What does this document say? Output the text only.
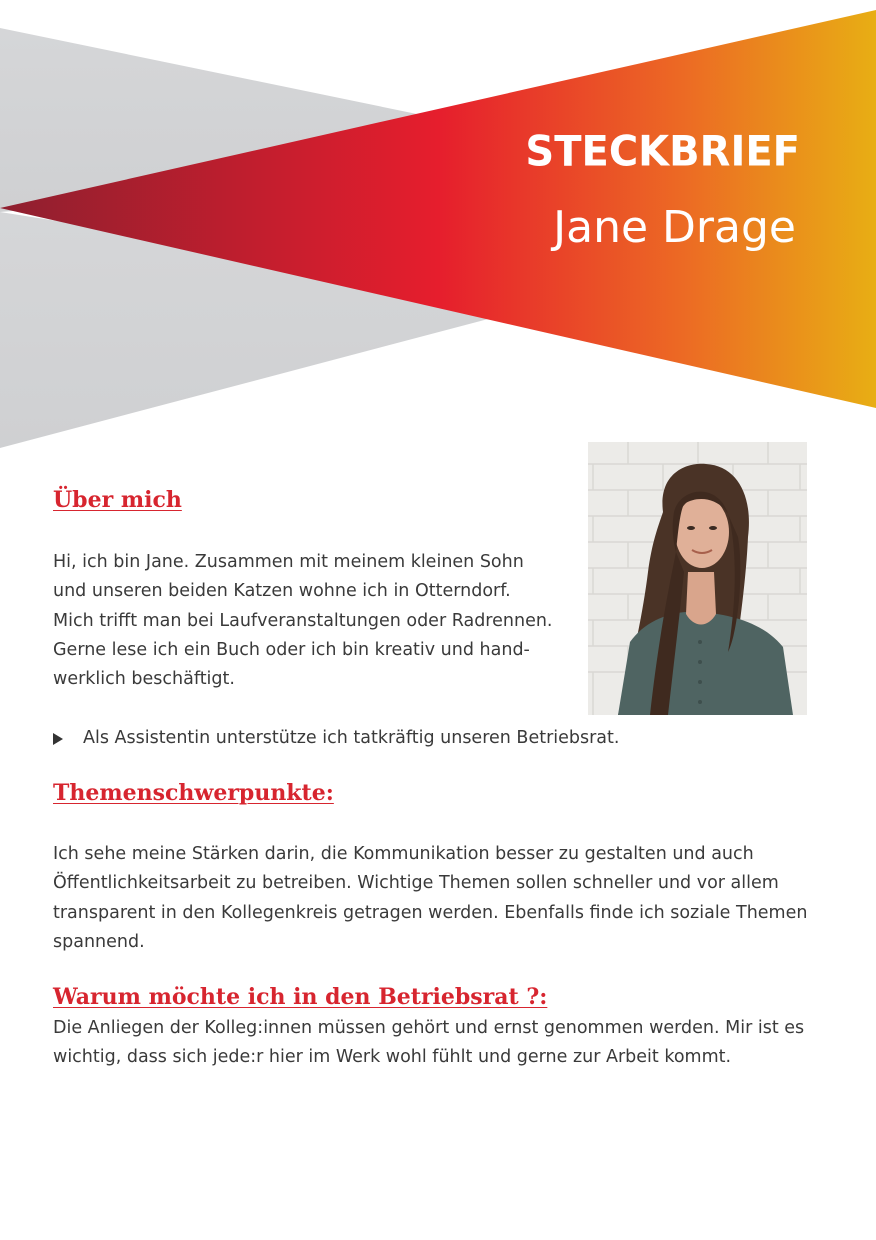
STECKBRIEF
Jane Drage
Über mich

Hi, ich bin Jane. Zusammen mit meinem kleinen Sohn
und unseren beiden Katzen wohne ich in Otterndorf.
Mich trifft man bei Laufveranstaltungen oder Radrennen.
Gerne lese ich ein Buch oder ich bin kreativ und hand-
werklich beschäftigt.

Als Assistentin unterstütze ich tatkräftig unseren Betriebsrat.
Themenschwerpunkte:

Ich sehe meine Stärken darin, die Kommunikation besser zu gestalten und auch
Öffentlichkeitsarbeit zu betreiben. Wichtige Themen sollen schneller und vor allem
transparent in den Kollegenkreis getragen werden. Ebenfalls finde ich soziale Themen
spannend.

Warum möchte ich in den Betriebsrat ?:

Die Anliegen der Kolleg:innen müssen gehört und ernst genommen werden. Mir ist es
wichtig, dass sich jede:r hier im Werk wohl fühlt und gerne zur Arbeit kommt.
